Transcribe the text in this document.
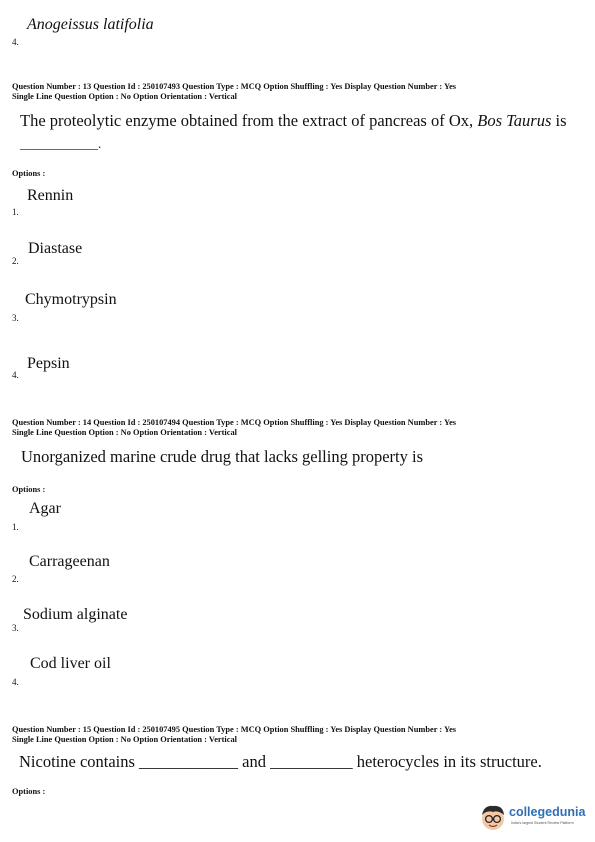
4.
Anogeissus latifolia
Question Number : 13 Question Id : 250107493 Question Type : MCQ Option Shuffling : Yes Display Question Number : Yes
Single Line Question Option : No Option Orientation : Vertical
The proteolytic enzyme obtained from the extract of pancreas of Ox, Bos Taurus is
____________.
Options :
1.
Rennin
2.
Diastase
3.
Chymotrypsin
4.
Pepsin
Question Number : 14 Question Id : 250107494 Question Type : MCQ Option Shuffling : Yes Display Question Number : Yes
Single Line Question Option : No Option Orientation : Vertical
Unorganized marine crude drug that lacks gelling property is
Options :
1.
Agar
2.
Carrageenan
3.
Sodium alginate
4.
Cod liver oil
Question Number : 15 Question Id : 250107495 Question Type : MCQ Option Shuffling : Yes Display Question Number : Yes
Single Line Question Option : No Option Orientation : Vertical
Nicotine contains ____________ and __________ heterocycles in its structure.
Options :
collegedunia
India's largest Student Review Platform
